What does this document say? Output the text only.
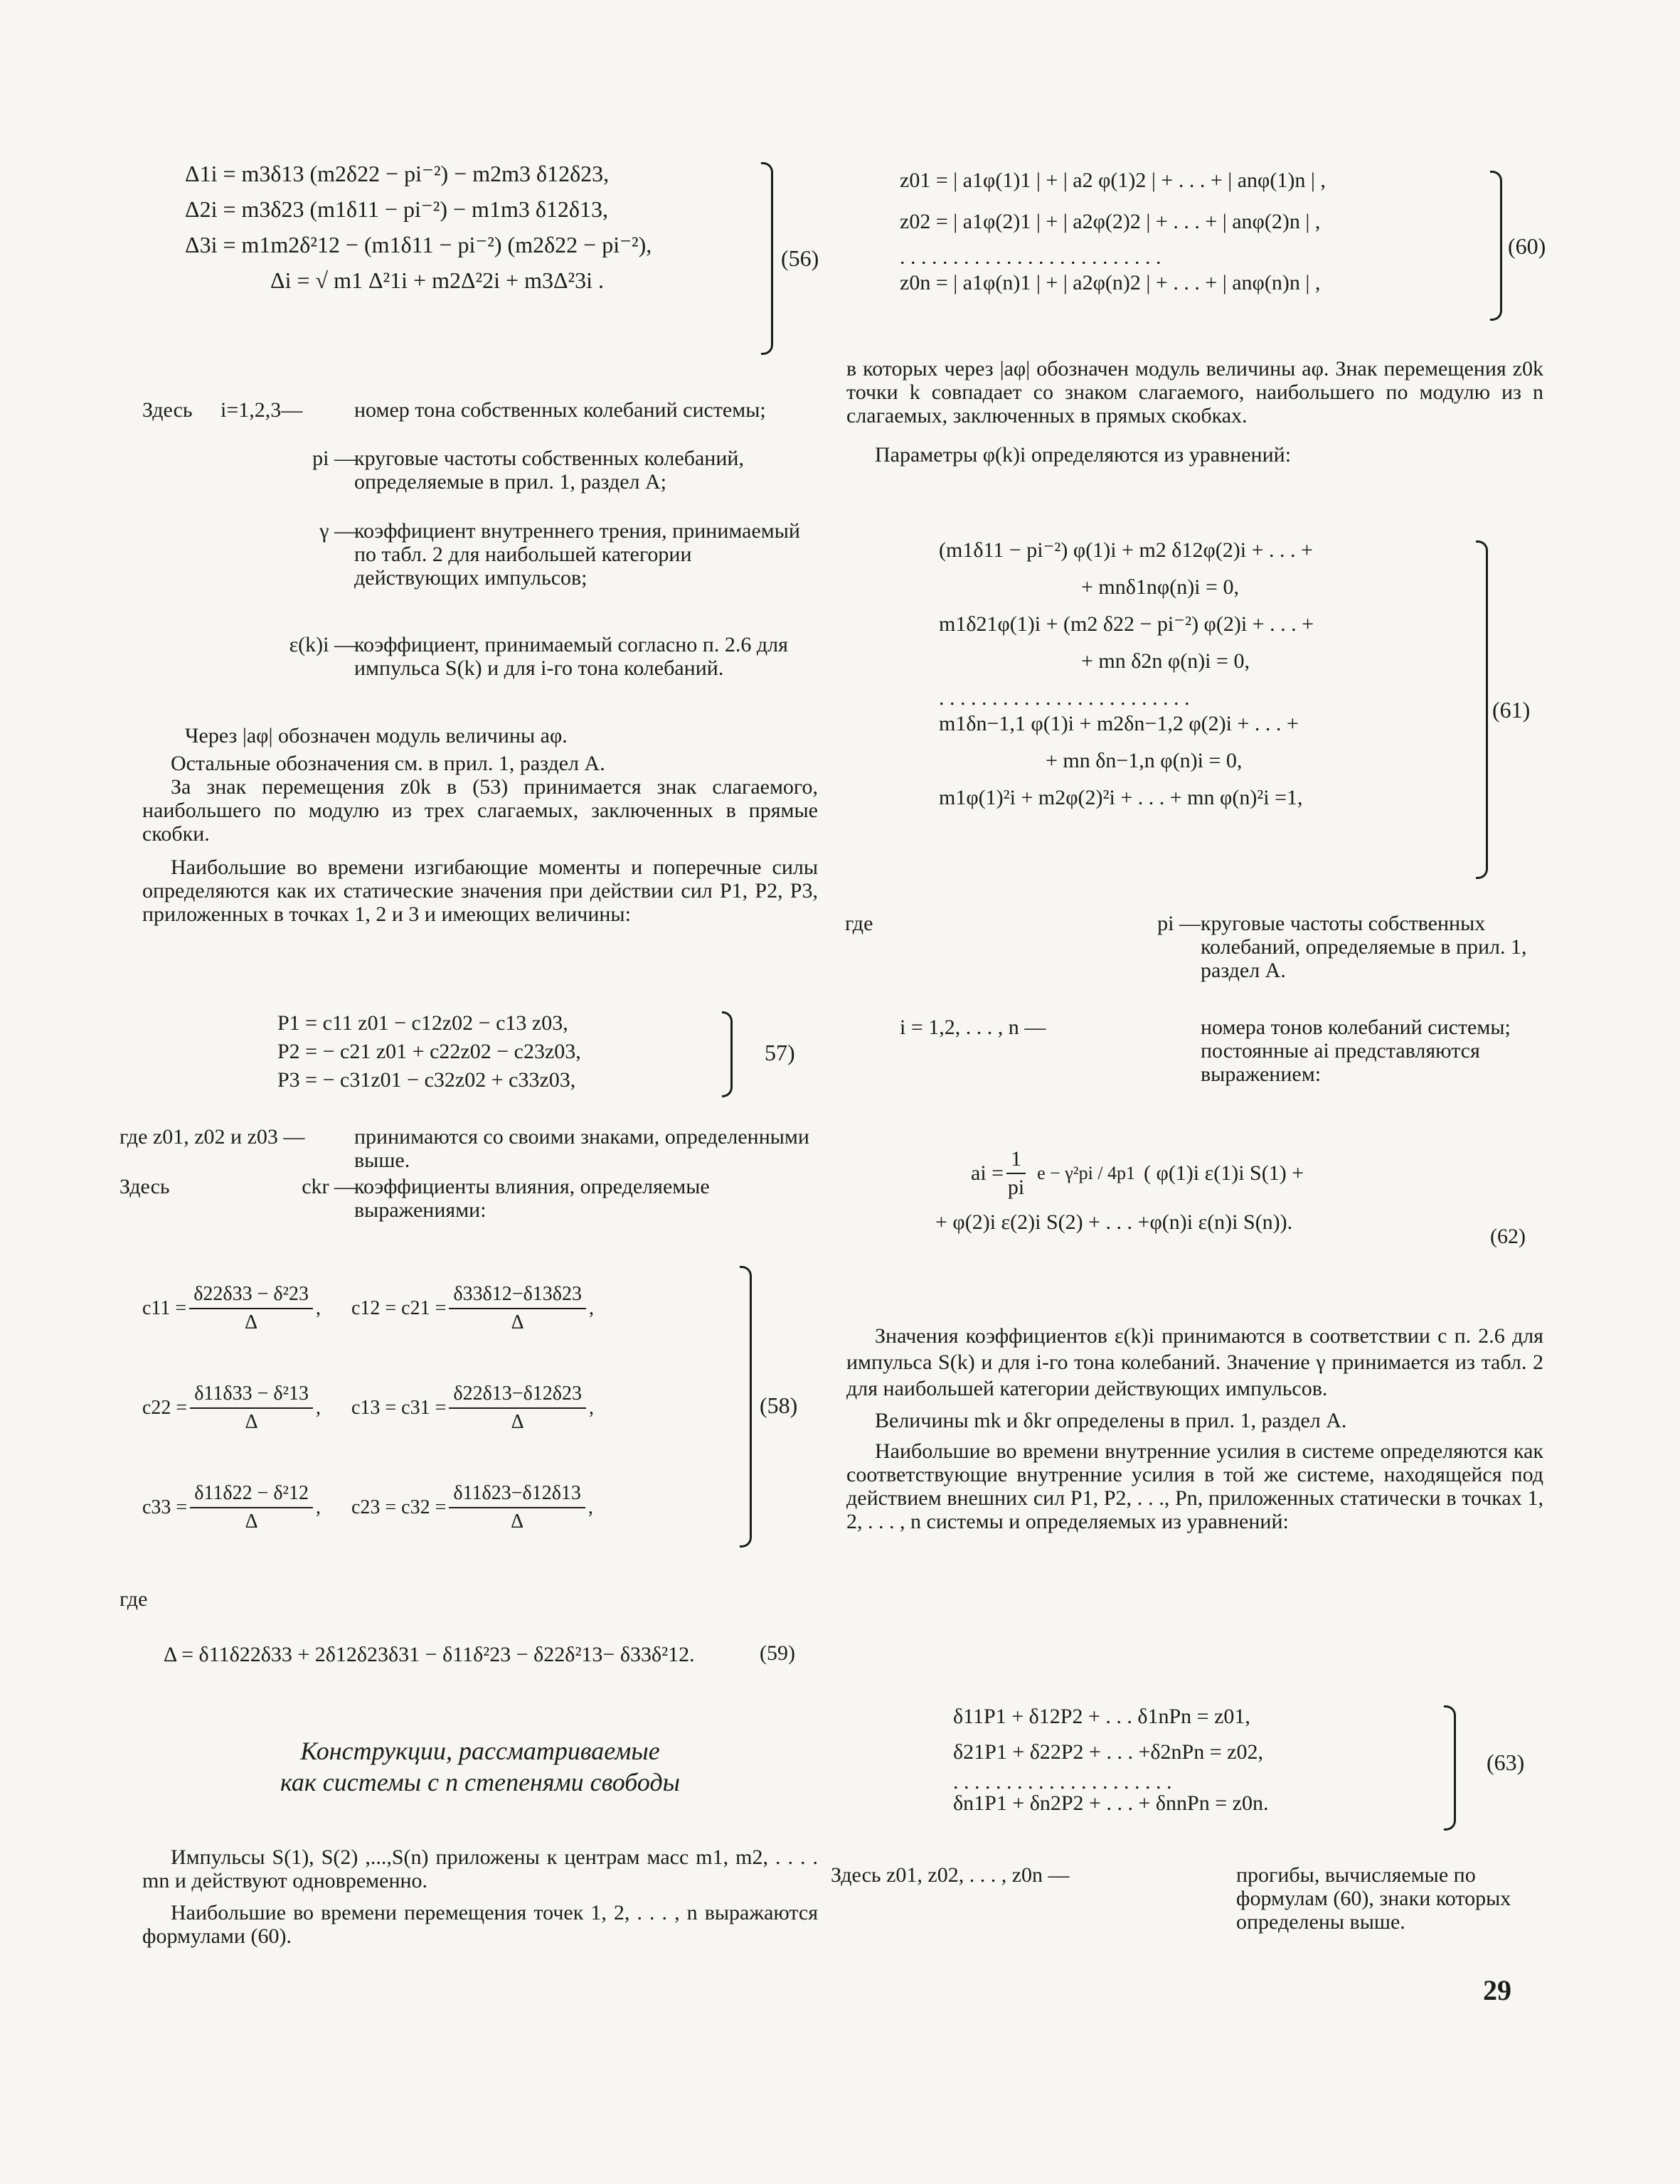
Δ1i = m3δ13 (m2δ22 − pi⁻²) − m2m3 δ12δ23,
Δ2i = m3δ23 (m1δ11 − pi⁻²) − m1m3 δ12δ13,
Δ3i = m1m2δ²12 − (m1δ11 − pi⁻²) (m2δ22 − pi⁻²),
Δi = √ m1 Δ²1i + m2Δ²2i + m3Δ²3i .
(56)
Здесь i=1,2,3—	номер тона собственных колебаний системы;
pi —
круговые частоты собственных колебаний, определяемые в прил. 1, раздел А;
γ —
коэффициент внутреннего трения, принимаемый по табл. 2 для наибольшей категории действующих импульсов;
ε(k)i —
коэффициент, принимаемый согласно п. 2.6 для импульса S(k) и для i-го тона колебаний.

Через |aφ| обозначен модуль величины aφ.

Остальные обозначения см. в прил. 1, раздел А.

За знак перемещения z0k в (53) принимается знак слагаемого, наибольшего по модулю из трех слагаемых, заключенных в прямые скобки.

Наибольшие во времени изгибающие моменты и поперечные силы определяются как их статические значения при действии сил P1, P2, P3, приложенных в точках 1, 2 и 3 и имеющих величины:

P1 = c11 z01 − c12z02 − c13 z03,
P2 = − c21 z01 + c22z02 − c23z03,
P3 = − c31z01 − c32z02 + c33z03,
57)
где z01, z02 и z03 —	принимаются со своими знаками, определенными выше.
Здесь	ckr —
коэффициенты влияния, определяемые выражениями:
$c11 = \frac{\text{δ22δ33 − δ²23}}{\Delta}$ ,	$c12 = c21 = \frac{\delta 33\delta 12-\delta 13\delta 23}{\Delta}$ ,
$c22 = \frac{\text{δ11δ33 − δ²13}}{\Delta}$ ,	$c13 = c31 = \frac{\delta 22\delta 13-\delta 12\delta 23}{\Delta}$ ,
$c33 = \frac{\text{δ11δ22 − δ²12}}{\Delta}$ ,	$c23 = c32 = \frac{\delta 11\delta 23-\delta 12\delta 13}{\Delta}$ ,
(58)
где
Δ = δ11δ22δ33 + 2δ12δ23δ31 − δ11δ²23 − δ22δ²13− δ33δ²12.	(59)
Конструкции, рассматриваемые
как системы с n степенями свободы

Импульсы S(1), S(2) ,...,S(n) приложены к центрам масс m1, m2, . . . . mn и действуют одновременно.

Наибольшие во времени перемещения точек 1, 2, . . . , n выражаются формулами (60).

z01 = | a1φ(1)1 | + | a2 φ(1)2 | + . . . + | anφ(1)n | ,
z02 = | a1φ(2)1 | + | a2φ(2)2 | + . . . + | anφ(2)n | ,
. . . . . . . . . . . . . . . . . . . . . . . . .
z0n = | a1φ(n)1 | + | a2φ(n)2 | + . . . + | anφ(n)n | ,
(60)

в которых через |aφ| обозначен модуль величины aφ. Знак перемещения z0k точки k совпадает со знаком слагаемого, наибольшего по модулю из n слагаемых, заключенных в прямых скобках.

Параметры φ(k)i определяются из уравнений:

(m1δ11 − pi⁻²) φ(1)i + m2 δ12φ(2)i + . . . +
+ mnδ1nφ(n)i = 0,
m1δ21φ(1)i + (m2 δ22 − pi⁻²) φ(2)i + . . . +
+ mn δ2n φ(n)i = 0,
. . . . . . . . . . . . . . . . . . . . . . . .
m1δn−1,1 φ(1)i + m2δn−1,2 φ(2)i + . . . +
+ mn δn−1,n φ(n)i = 0,
m1φ(1)²i + m2φ(2)²i + . . . + mn φ(n)²i =1,
(61)
где	pi — круговые частоты собственных колебаний, определяемые в прил. 1, раздел А.
i = 1,2, . . . , n —	номера тонов колебаний системы; постоянные ai представляются выражением:
ai = $\frac{1}{pi}$ e − γ²pi / 4p1 ( φ(1)i ε(1)i S(1) +
+ φ(2)i ε(2)i S(2) + . . . +φ(n)i ε(n)i S(n)).
(62)

Значения коэффициентов ε(k)i принимаются в соответствии с п. 2.6 для импульса S(k) и для i-го тона колебаний. Значение γ принимается из табл. 2 для наибольшей категории действующих импульсов.

Величины mk и δkr определены в прил. 1, раздел А.

Наибольшие во времени внутренние усилия в системе определяются как соответствующие внутренние усилия в той же системе, находящейся под действием внешних сил P1, P2, . . ., Pn, приложенных статически в точках 1, 2, . . . , n системы и определяемых из уравнений:

δ11P1 + δ12P2 + . . . δ1nPn = z01,
δ21P1 + δ22P2 + . . . +δ2nPn = z02,
. . . . . . . . . . . . . . . . . . . . .
δn1P1 + δn2P2 + . . . + δnnPn = z0n.
(63)
Здесь z01, z02, . . . , z0n —	прогибы, вычисляемые по формулам (60), знаки которых определены выше.
29
